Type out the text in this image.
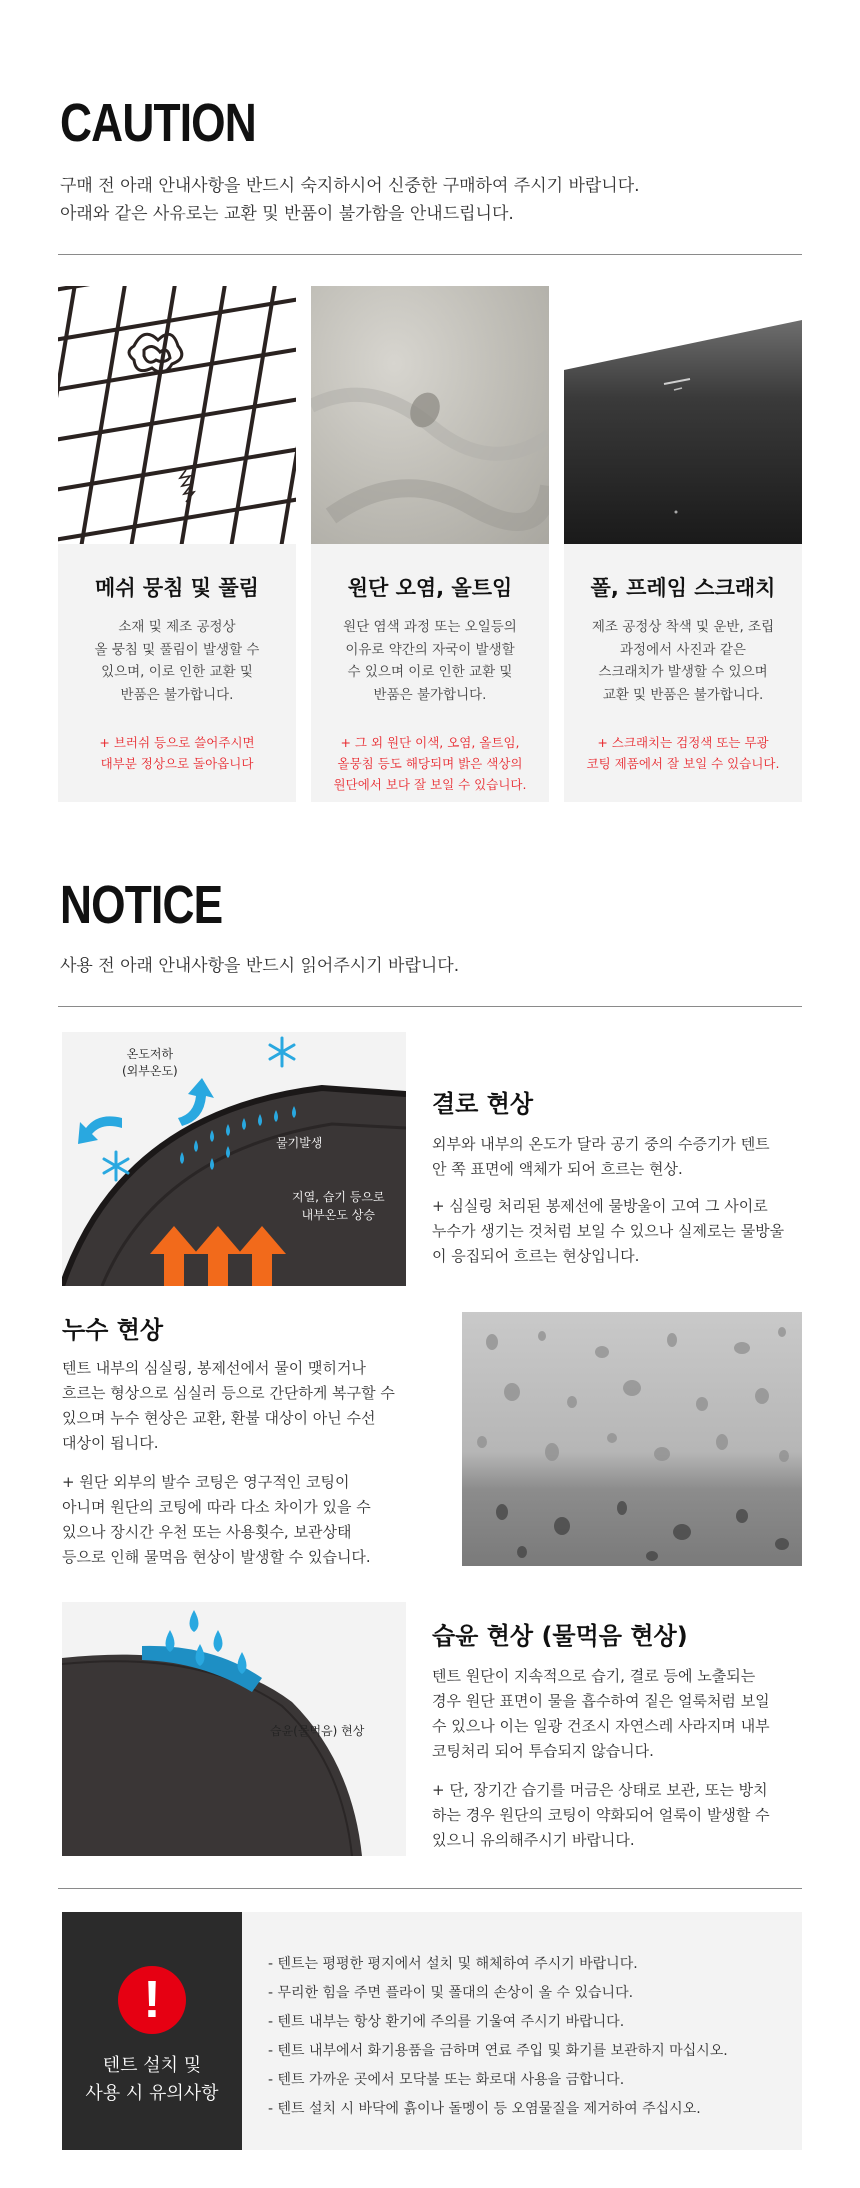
CAUTION
구매 전 아래 안내사항을 반드시 숙지하시어 신중한 구매하여 주시기 바랍니다.
아래와 같은 사유로는 교환 및 반품이 불가함을 안내드립니다.
메쉬 뭉침 및 풀림
소재 및 제조 공정상
올 뭉침 및 풀림이 발생할 수
있으며, 이로 인한 교환 및
반품은 불가합니다.
+ 브러쉬 등으로 쓸어주시면
대부분 정상으로 돌아옵니다
원단 오염, 올트임
원단 염색 과정 또는 오일등의
이유로 약간의 자국이 발생할
수 있으며 이로 인한 교환 및
반품은 불가합니다.
+ 그 외 원단 이색, 오염, 올트임,
올뭉침 등도 해당되며 밝은 색상의
원단에서 보다 잘 보일 수 있습니다.
폴, 프레임 스크래치
제조 공정상 착색 및 운반, 조립
과정에서 사진과 같은
스크래치가 발생할 수 있으며
교환 및 반품은 불가합니다.
+ 스크래치는 검정색 또는 무광
코팅 제품에서 잘 보일 수 있습니다.
NOTICE
사용 전 아래 안내사항을 반드시 읽어주시기 바랍니다.
온도저하
(외부온도)
물기발생
지열, 습기 등으로
내부온도 상승
결로 현상
외부와 내부의 온도가 달라 공기 중의 수증기가 텐트
안 쪽 표면에 액체가 되어 흐르는 현상.
+ 심실링 처리된 봉제선에 물방울이 고여 그 사이로
누수가 생기는 것처럼 보일 수 있으나 실제로는 물방울
이 응집되어 흐르는 현상입니다.
누수 현상
텐트 내부의 심실링, 봉제선에서 물이 맺히거나
흐르는 형상으로 심실러 등으로 간단하게 복구할 수
있으며 누수 현상은 교환, 환불 대상이 아닌 수선
대상이 됩니다.
+ 원단 외부의 발수 코팅은 영구적인 코팅이
아니며 원단의 코팅에 따라 다소 차이가 있을 수
있으나 장시간 우천 또는 사용횟수, 보관상태
등으로 인해 물먹음 현상이 발생할 수 있습니다.
습윤(물먹음) 현상
습윤 현상 (물먹음 현상)
텐트 원단이 지속적으로 습기, 결로 등에 노출되는
경우 원단 표면이 물을 흡수하여 짙은 얼룩처럼 보일
수 있으나 이는 일광 건조시 자연스레 사라지며 내부
코팅처리 되어 투습되지 않습니다.
+ 단, 장기간 습기를 머금은 상태로 보관, 또는 방치
하는 경우 원단의 코팅이 약화되어 얼룩이 발생할 수
있으니 유의해주시기 바랍니다.
!
텐트 설치 및
사용 시 유의사항
- 텐트는 평평한 평지에서 설치 및 해체하여 주시기 바랍니다.
- 무리한 힘을 주면 플라이 및 폴대의 손상이 올 수 있습니다.
- 텐트 내부는 항상 환기에 주의를 기울여 주시기 바랍니다.
- 텐트 내부에서 화기용품을 금하며 연료 주입 및 화기를 보관하지 마십시오.
- 텐트 가까운 곳에서 모닥불 또는 화로대 사용을 금합니다.
- 텐트 설치 시 바닥에 흙이나 돌멩이 등 오염물질을 제거하여 주십시오.
